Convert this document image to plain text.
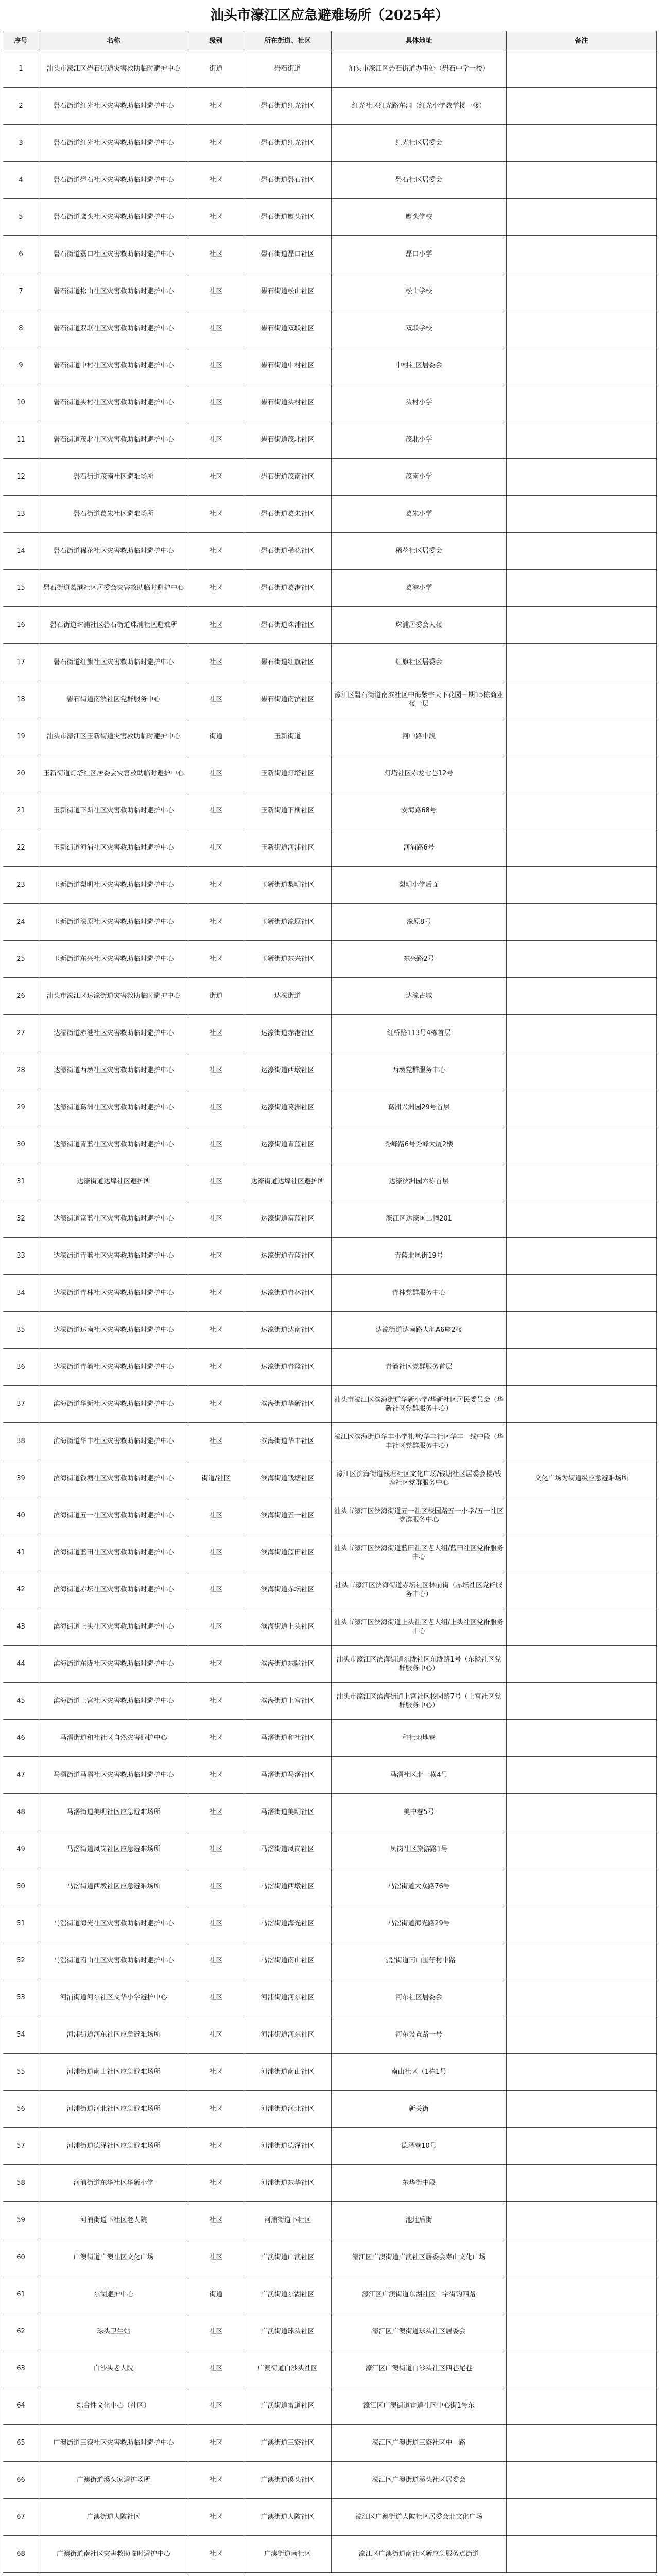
汕头市濠江区应急避难场所（2025年）
序号	名称	级别	所在街道、社区	具体地址	备注
1	汕头市濠江区礐石街道灾害救助临时避护中心	街道	礐石街道	汕头市濠江区礐石街道办事处（礐石中学一楼）	
2	礐石街道红光社区灾害救助临时避护中心	社区	礐石街道红光社区	红光社区红光路东洞（红光小学教学楼一楼）	
3	礐石街道红光社区灾害救助临时避护中心	社区	礐石街道红光社区	红光社区居委会	
4	礐石街道礐石社区灾害救助临时避护中心	社区	礐石街道礐石社区	礐石社区居委会	
5	礐石街道鹰头社区灾害救助临时避护中心	社区	礐石街道鹰头社区	鹰头学校	
6	礐石街道磊口社区灾害救助临时避护中心	社区	礐石街道磊口社区	磊口小学	
7	礐石街道松山社区灾害救助临时避护中心	社区	礐石街道松山社区	松山学校	
8	礐石街道双联社区灾害救助临时避护中心	社区	礐石街道双联社区	双联学校	
9	礐石街道中村社区灾害救助临时避护中心	社区	礐石街道中村社区	中村社区居委会	
10	礐石街道头村社区灾害救助临时避护中心	社区	礐石街道头村社区	头村小学	
11	礐石街道茂北社区灾害救助临时避护中心	社区	礐石街道茂北社区	茂北小学	
12	礐石街道茂南社区避难场所	社区	礐石街道茂南社区	茂南小学	
13	礐石街道葛朱社区避难场所	社区	礐石街道葛朱社区	葛朱小学	
14	礐石街道稀花社区灾害救助临时避护中心	社区	礐石街道稀花社区	稀花社区居委会	
15	礐石街道葛港社区居委会灾害救助临时避护中心	社区	礐石街道葛港社区	葛港小学	
16	礐石街道珠浦社区礐石街道珠浦社区避难所	社区	礐石街道珠浦社区	珠浦居委会大楼	
17	礐石街道红旗社区灾害救助临时避护中心	社区	礐石街道红旗社区	红旗社区居委会	
18	礐石街道南滨社区党群服务中心	社区	礐石街道南滨社区	濠江区礐石街道南滨社区中海紫宇天下花园三期15栋商业楼一层	
19	汕头市濠江区玉新街道灾害救助临时避护中心	街道	玉新街道	河中路中段	
20	玉新街道灯塔社区居委会灾害救助临时避护中心	社区	玉新街道灯塔社区	灯塔社区赤龙七巷12号	
21	玉新街道下斯社区灾害救助临时避护中心	社区	玉新街道下斯社区	安海路68号	
22	玉新街道河浦社区灾害救助临时避护中心	社区	玉新街道河浦社区	河浦路6号	
23	玉新街道梨明社区灾害救助临时避护中心	社区	玉新街道梨明社区	梨明小学后面	
24	玉新街道濠原社区灾害救助临时避护中心	社区	玉新街道濠原社区	濠原8号	
25	玉新街道东兴社区灾害救助临时避护中心	社区	玉新街道东兴社区	东兴路2号	
26	汕头市濠江区达濠街道灾害救助临时避护中心	街道	达濠街道	达濠古城	
27	达濠街道赤港社区灾害救助临时避护中心	社区	达濠街道赤港社区	红桥路113号4栋首层	
28	达濠街道西墩社区灾害救助临时避护中心	社区	达濠街道西墩社区	西墩党群服务中心	
29	达濠街道葛洲社区灾害救助临时避护中心	社区	达濠街道葛洲社区	葛洲兴洲园29号首层	
30	达濠街道青蓝社区灾害救助临时避护中心	社区	达濠街道青蓝社区	秀峰路6号秀峰大厦2楼	
31	达濠街道达埠社区避护所	社区	达濠街道达埠社区避护所	达濠滨洲园六栋首层	
32	达濠街道富蓝社区灾害救助临时避护中心	社区	达濠街道富蓝社区	濠江区达濠国二幢201	
33	达濠街道青蓝社区灾害救助临时避护中心	社区	达濠街道青蓝社区	青蓝北风街19号	
34	达濠街道青林社区灾害救助临时避护中心	社区	达濠街道青林社区	青林党群服务中心	
35	达濠街道达南社区灾害救助临时避护中心	社区	达濠街道达南社区	达濠街道达南路大池A6座2楼	
36	达濠街道青篮社区灾害救助临时避护中心	社区	达濠街道青篮社区	青篮社区党群服务首层	
37	滨海街道华新社区灾害救助临时避护中心	社区	滨海街道华新社区	汕头市濠江区滨海街道华新小学/华新社区居民委员会（华新社区党群服务中心）	
38	滨海街道华丰社区灾害救助临时避护中心	社区	滨海街道华丰社区	濠江区滨海街道华丰小学礼堂/华丰社区华丰一线中段（华丰社区党群服务中心）	
39	滨海街道钱塘社区灾害救助临时避护中心	街道/社区	滨海街道钱塘社区	濠江区滨海街道钱塘社区文化广场/钱塘社区居委会楼/钱塘社区党群服务中心	文化广场为街道级应急避难场所
40	滨海街道五一社区灾害救助临时避护中心	社区	滨海街道五一社区	汕头市濠江区滨海街道五一社区校园路五一小学/五一社区党群服务中心	
41	滨海街道蓝田社区灾害救助临时避护中心	社区	滨海街道蓝田社区	汕头市濠江区滨海街道蓝田社区老人组/蓝田社区党群服务中心	
42	滨海街道赤坛社区灾害救助临时避护中心	社区	滨海街道赤坛社区	汕头市濠江区滨海街道赤坛社区林前街（赤坛社区党群服务中心）	
43	滨海街道上头社区灾害救助临时避护中心	社区	滨海街道上头社区	汕头市濠江区滨海街道上头社区老人组/上头社区党群服务中心	
44	滨海街道东陇社区灾害救助临时避护中心	社区	滨海街道东陇社区	汕头市濠江区滨海街道东陇社区东陇路1号（东陇社区党群服务中心）	
45	滨海街道上宫社区灾害救助临时避护中心	社区	滨海街道上宫社区	汕头市濠江区滨海街道上宫社区校园路7号（上宫社区党群服务中心）	
46	马滘街道和社社区自然灾害避护中心	社区	马滘街道和社社区	和社地地巷	
47	马滘街道马滘社区灾害救助临时避护中心	社区	马滘街道马滘社区	马滘社区北一横4号	
48	马滘街道美明社区应急避难场所	社区	马滘街道美明社区	美中巷5号	
49	马滘街道凤岗社区应急避难场所	社区	马滘街道凤岗社区	凤岗社区旅游路1号	
50	马滘街道西墩社区应急避难场所	社区	马滘街道西墩社区	马滘街道大众路76号	
51	马滘街道海光社区灾害救助临时避护中心	社区	马滘街道海光社区	马滘街道海光路29号	
52	马滘街道南山社区灾害救助临时避护中心	社区	马滘街道南山社区	马滘街道南山围仔村中路	
53	河浦街道河东社区文华小学避护中心	社区	河浦街道河东社区	河东社区居委会	
54	河浦街道河东社区应急避难场所	社区	河浦街道河东社区	河东设置路一号	
55	河浦街道南山社区应急避难场所	社区	河浦街道南山社区	南山社区（1栋1号	
56	河浦街道河北社区应急避难场所	社区	河浦街道河北社区	新关街	
57	河浦街道德泽社区应急避难场所	社区	河浦街道德泽社区	德泽巷10号	
58	河浦街道东华社区华新小学	社区	河浦街道东华社区	东华街中段	
59	河浦街道下社区老人院	社区	河浦街道下社区	池地后街	
60	广澳街道广澳社区文化广场	社区	广澳街道广澳社区	濠江区广澳街道广澳社区居委会寿山文化广场	
61	东湖避护中心	街道	广澳街道东湖社区	濠江区广澳街道东湖社区十字街钩四路	
62	球头卫生站	社区	广澳街道球头社区	濠江区广澳街道球头社区居委会	
63	白沙头老人院	社区	广澳街道白沙头社区	濠江区广澳街道白沙头社区四巷尾巷	
64	综合性文化中心（社区）	社区	广澳街道雷道社区	濠江区广澳街道雷道社区中心街1号东	
65	广澳街道三寮社区灾害救助临时避护中心	社区	广澳街道三寮社区	濠江区广澳街道三寮社区中一路	
66	广澳街道溪头家避护场所	社区	广澳街道溪头社区	濠江区广澳街道溪头社区居委会	
67	广澳街道大陂社区	社区	广澳街道大陂社区	濠江区广澳街道大陂社区居委会北文化广场	
68	广澳街道南社区灾害救助临时避护中心	社区	广澳街道南社区	濠江区广澳街道南社区新应急服务点街道	
